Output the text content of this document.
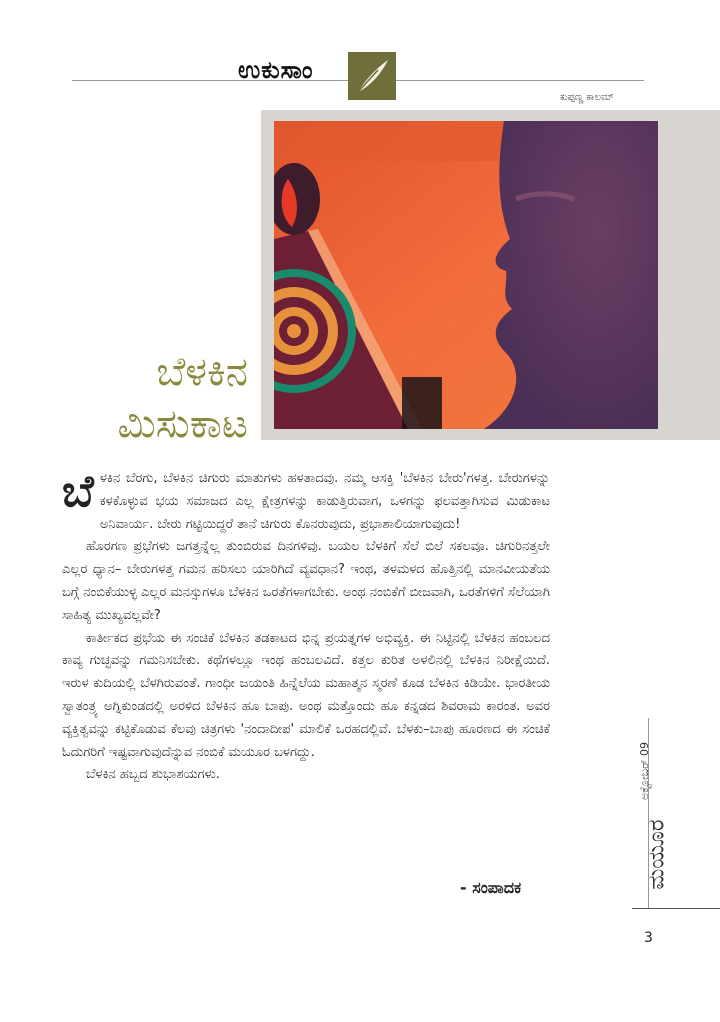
ಉಕುಸಾಂ
ಕುಪ್ಪಣ್ಣ ಕಾಲಮ್
ಬೆಳಕಿನ
ಮಿಸುಕಾಟ

ಬೆಳಕಿನ ಬೆರಗು, ಬೆಳಕಿನ ಚಿಗುರು ಮಾತುಗಳು ಹಳತಾದವು. ನಮ್ಮ ಆಸಕ್ತಿ 'ಬೆಳಕಿನ ಬೇರು'ಗಳತ್ತ. ಬೇರುಗಳನ್ನು ಕಳಕೊಳ್ಳುವ ಭಯ ಸಮಾಜದ ಎಲ್ಲ ಕ್ಷೇತ್ರಗಳನ್ನು ಕಾಡುತ್ತಿರುವಾಗ, ಒಳಗನ್ನು ಫಲವತ್ತಾಗಿಸುವ ಮಿಡುಕಾಟ ಅನಿವಾರ್ಯ. ಬೇರು ಗಟ್ಟಿಯಿದ್ದರೆ ತಾನೆ ಚಿಗುರು ಕೊನರುವುದು, ಪ್ರಭಾಶಾಲಿಯಾಗುವುದು!

ಹೊರಗಣ ಪ್ರಭೆಗಳು ಜಗತ್ತನ್ನೆಲ್ಲ ತುಂಬಿರುವ ದಿನಗಳಿವು. ಬಯಲ ಬೆಳಕಿಗೆ ಸೆಲೆ ಬಿಲೆ ಸಕಲವೂ. ಚಿಗುರಿನತ್ತಲೇ ಎಲ್ಲರ ಧ್ಯಾನ– ಬೇರುಗಳತ್ತ ಗಮನ ಹರಿಸಲು ಯಾರಿಗಿದೆ ವ್ಯವಧಾನ? ಇಂಥ, ತಳಮಳದ ಹೊತ್ತಿನಲ್ಲಿ ಮಾನವೀಯತೆಯ ಬಗ್ಗೆ ನಂಬಿಕೆಯುಳ್ಳ ಎಲ್ಲರ ಮನಸ್ಸುಗಳೂ ಬೆಳಕಿನ ಒರತೆಗಳಾಗಬೇಕು. ಅಂಥ ನಂಬಿಕೆಗೆ ಬೀಜವಾಗಿ, ಒರತೆಗಳಿಗೆ ಸೆಲೆಯಾಗಿ ಸಾಹಿತ್ಯ ಮುಖ್ಯವಲ್ಲವೇ?

ಕಾರ್ತೀಕದ ಪ್ರಭೆಯ ಈ ಸಂಚಿಕೆ ಬೆಳಕಿನ ತಡಕಾಟದ ಭಿನ್ನ ಪ್ರಯತ್ನಗಳ ಅಭಿವ್ಯಕ್ತಿ. ಈ ನಿಟ್ಟಿನಲ್ಲಿ ಬೆಳಕಿನ ಹಂಬಲದ ಕಾವ್ಯ ಗುಚ್ಛವನ್ನು ಗಮನಿಸಬೇಕು. ಕಥೆಗಳಲ್ಲೂ ಇಂಥ ಹಂಬಲವಿದೆ. ಕತ್ತಲ ಕುರಿತ ಅಳಲಿನಲ್ಲಿ ಬೆಳಕಿನ ನಿರೀಕ್ಷೆಯಿದೆ. ಇರುಳ ಕುದಿಯಲ್ಲಿ ಬೆಳಗಿರುವಂತೆ. ಗಾಂಧೀ ಜಯಂತಿ ಹಿನ್ನೆಲೆಯ ಮಹಾತ್ಮನ ಸ್ಮರಣೆ ಕೂಡ ಬೆಳಕಿನ ಕಿಡಿಯೇ. ಭಾರತೀಯ ಸ್ವಾತಂತ್ರ್ಯ ಅಗ್ನಿಕುಂಡದಲ್ಲಿ ಅರಳಿದ ಬೆಳಕಿನ ಹೂ ಬಾಪು. ಅಂಥ ಮತ್ತೊಂದು ಹೂ ಕನ್ನಡದ ಶಿವರಾಮ ಕಾರಂತ. ಅವರ ವ್ಯಕ್ತಿತ್ವವನ್ನು ಕಟ್ಟಿಕೊಡುವ ಕೆಲವು ಚಿತ್ರಗಳು 'ನಂದಾದೀಪ' ಮಾಲಿಕೆ ಒರಹದಲ್ಲಿವೆ. ಬೆಳಕು–ಬಾಪು ಹೂರಣದ ಈ ಸಂಚಿಕೆ ಓದುಗರಿಗೆ ಇಷ್ಟವಾಗುವುದೆನ್ನುವ ನಂಬಿಕೆ ಮಯೂರ ಬಳಗದ್ದು.

ಬೆಳಕಿನ ಹಬ್ಬದ ಶುಭಾಶಯಗಳು.

- ಸಂಪಾದಕ
ಅಕ್ಟೋಬರ್ 09
ಮಯೂರ
3
